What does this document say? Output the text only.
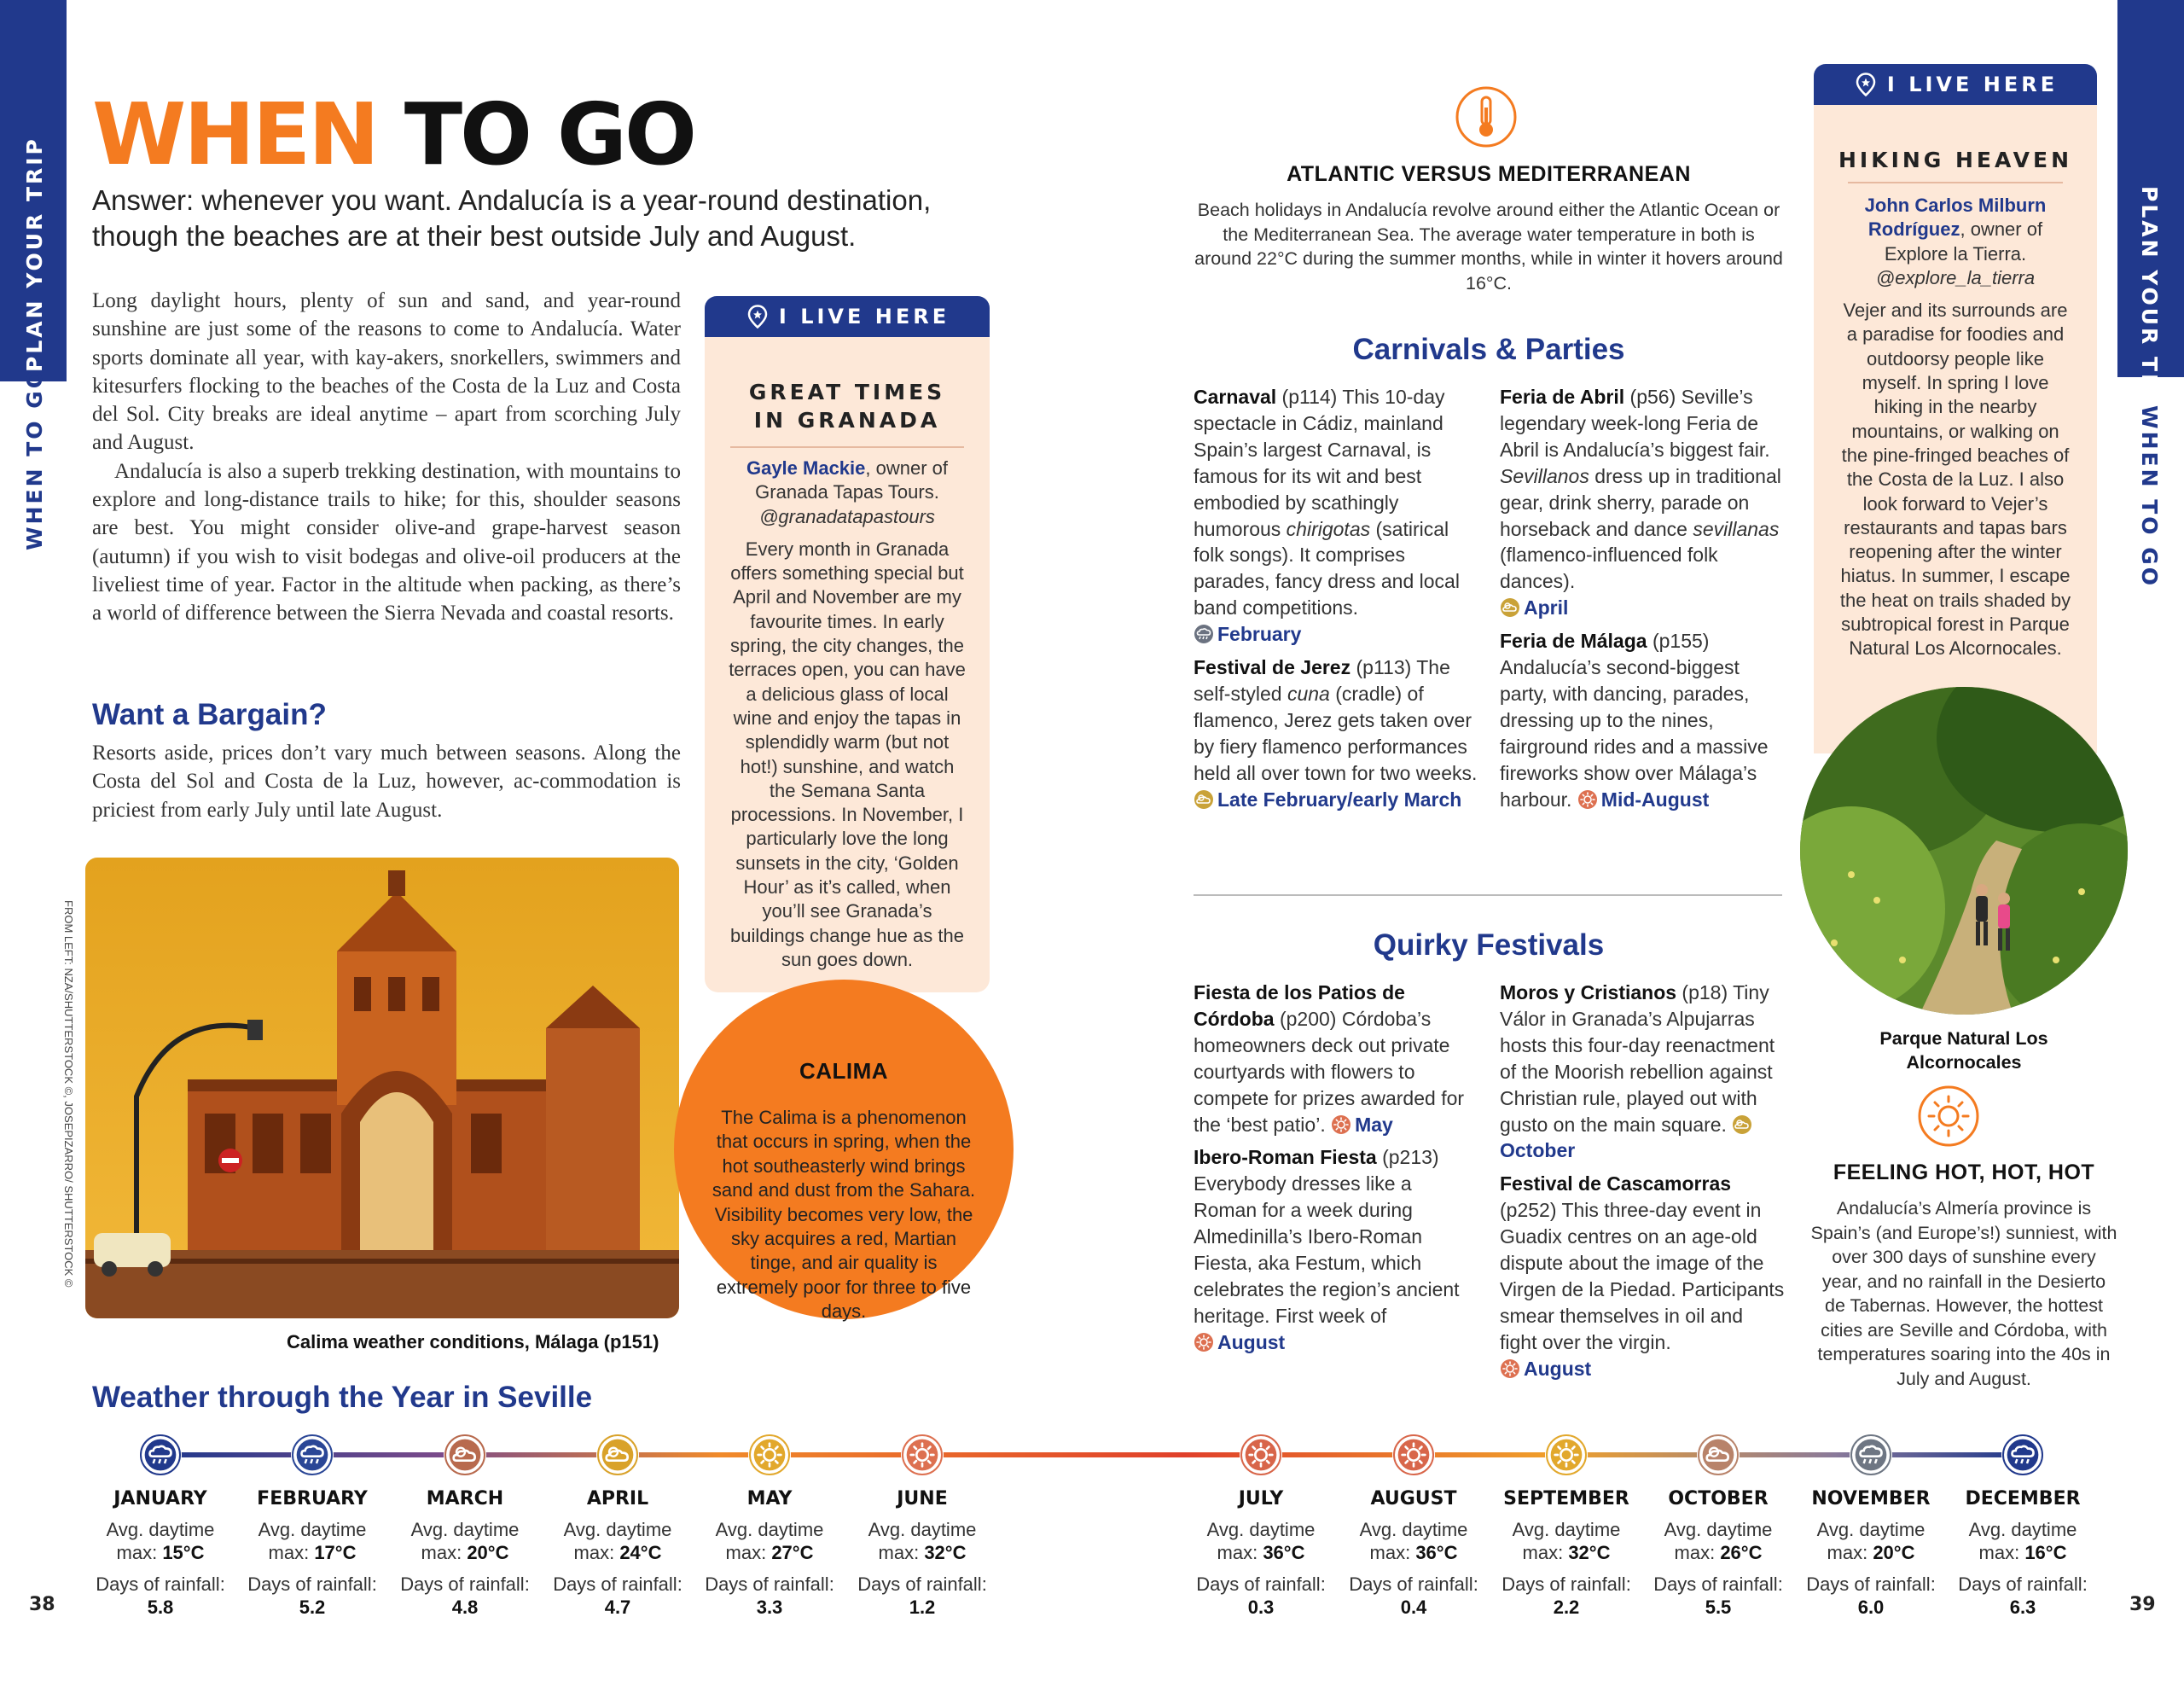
PLAN YOUR TRIP
WHEN TO GO
PLAN YOUR TRIP
WHEN TO GO
WHEN TO GO
Answer: whenever you want. Andalucía is a year-round destination, though the beaches are at their best outside July and August.

Long daylight hours, plenty of sun and sand, and year-round sunshine are just some of the reasons to come to Andalucía. Water sports dominate all year, with kay-akers, snorkellers, swimmers and kitesurfers flocking to the beaches of the Costa de la Luz and Costa del Sol. City breaks are ideal anytime – apart from scorching July and August.

Andalucía is also a superb trekking destination, with mountains to explore and long-distance trails to hike; for this, shoulder seasons are best. You might consider olive-and grape-harvest season (autumn) if you wish to visit bodegas and olive-oil producers at the liveliest time of year. Factor in the altitude when packing, as there’s a world of difference between the Sierra Nevada and coastal resorts.

Want a Bargain?
Resorts aside, prices don’t vary much between seasons. Along the Costa del Sol and Costa de la Luz, however, ac-commodation is priciest from early July until late August.
FROM LEFT: NZA/SHUTTERSTOCK ©, JOSEPIZARRO/ SHUTTERSTOCK ©
Calima weather conditions, Málaga (p151)
I LIVE HERE
GREAT TIMES IN GRANADA
Gayle Mackie, owner of Granada Tapas Tours.
@granadatapastours
Every month in Granada offers something special but April and November are my favourite times. In early spring, the city changes, the terraces open, you can have a delicious glass of local wine and enjoy the tapas in splendidly warm (but not hot!) sunshine, and watch the Semana Santa processions. In November, I particularly love the long sunsets in the city, ‘Golden Hour’ as it’s called, when you’ll see Granada’s buildings change hue as the sun goes down.
CALIMA
The Calima is a phenomenon that occurs in spring, when the hot southeasterly wind brings sand and dust from the Sahara. Visibility becomes very low, the sky acquires a red, Martian tinge, and air quality is extremely poor for three to five days.
ATLANTIC VERSUS MEDITERRANEAN
Beach holidays in Andalucía revolve around either the Atlantic Ocean or the Mediterranean Sea. The average water temperature in both is around 22°C during the summer months, while in winter it hovers around 16°C.
Carnivals & Parties
Carnaval (p114) This 10-day spectacle in Cádiz, mainland Spain’s largest Carnaval, is famous for its wit and best embodied by scathingly humorous chirigotas (satirical folk songs). It comprises parades, fancy dress and local band competitions.
February
Festival de Jerez (p113) The self-styled cuna (cradle) of flamenco, Jerez gets taken over by fiery flamenco performances held all over town for two weeks. Late February/early March
Feria de Abril (p56) Seville’s legendary week-long Feria de Abril is Andalucía’s biggest fair. Sevillanos dress up in traditional gear, drink sherry, parade on horseback and dance sevillanas (flamenco-influenced folk dances).
April
Feria de Málaga (p155) Andalucía’s second-biggest party, with dancing, parades, dressing up to the nines, fairground rides and a massive fireworks show over Málaga’s harbour. Mid-August
Quirky Festivals
Fiesta de los Patios de Córdoba (p200) Córdoba’s homeowners deck out private courtyards with flowers to compete for prizes awarded for the ‘best patio’. May
Ibero-Roman Fiesta (p213) Everybody dresses like a Roman for a week during Almedinilla’s Ibero-Roman Fiesta, aka Festum, which celebrates the region’s ancient heritage. First week of
August
Moros y Cristianos (p18) Tiny Válor in Granada’s Alpujarras hosts this four-day reenactment of the Moorish rebellion against Christian rule, played out with gusto on the main square. October
Festival de Cascamorras (p252) This three-day event in Guadix centres on an age-old dispute about the image of the Virgen de la Piedad. Participants smear themselves in oil and fight over the virgin.
August
I LIVE HERE
HIKING HEAVEN
John Carlos Milburn Rodríguez, owner of Explore la Tierra.
@explore_la_tierra
Vejer and its surrounds are a paradise for foodies and outdoorsy people like myself. In spring I love hiking in the nearby mountains, or walking on the pine-fringed beaches of the Costa de la Luz. I also look forward to Vejer’s restaurants and tapas bars reopening after the winter hiatus. In summer, I escape the heat on trails shaded by subtropical forest in Parque Natural Los Alcornocales.
Parque Natural Los Alcornocales
FEELING HOT, HOT, HOT
Andalucía’s Almería province is Spain’s (and Europe’s!) sunniest, with over 300 days of sunshine every year, and no rainfall in the Desierto de Tabernas. However, the hottest cities are Seville and Córdoba, with temperatures soaring into the 40s in July and August.
Weather through the Year in Seville
JANUARY
Avg. daytime
max: 15°C
Days of rainfall:
5.8
FEBRUARY
Avg. daytime
max: 17°C
Days of rainfall:
5.2
MARCH
Avg. daytime
max: 20°C
Days of rainfall:
4.8
APRIL
Avg. daytime
max: 24°C
Days of rainfall:
4.7
MAY
Avg. daytime
max: 27°C
Days of rainfall:
3.3
JUNE
Avg. daytime
max: 32°C
Days of rainfall:
1.2
JULY
Avg. daytime
max: 36°C
Days of rainfall:
0.3
AUGUST
Avg. daytime
max: 36°C
Days of rainfall:
0.4
SEPTEMBER
Avg. daytime
max: 32°C
Days of rainfall:
2.2
OCTOBER
Avg. daytime
max: 26°C
Days of rainfall:
5.5
NOVEMBER
Avg. daytime
max: 20°C
Days of rainfall:
6.0
DECEMBER
Avg. daytime
max: 16°C
Days of rainfall:
6.3
38	39
